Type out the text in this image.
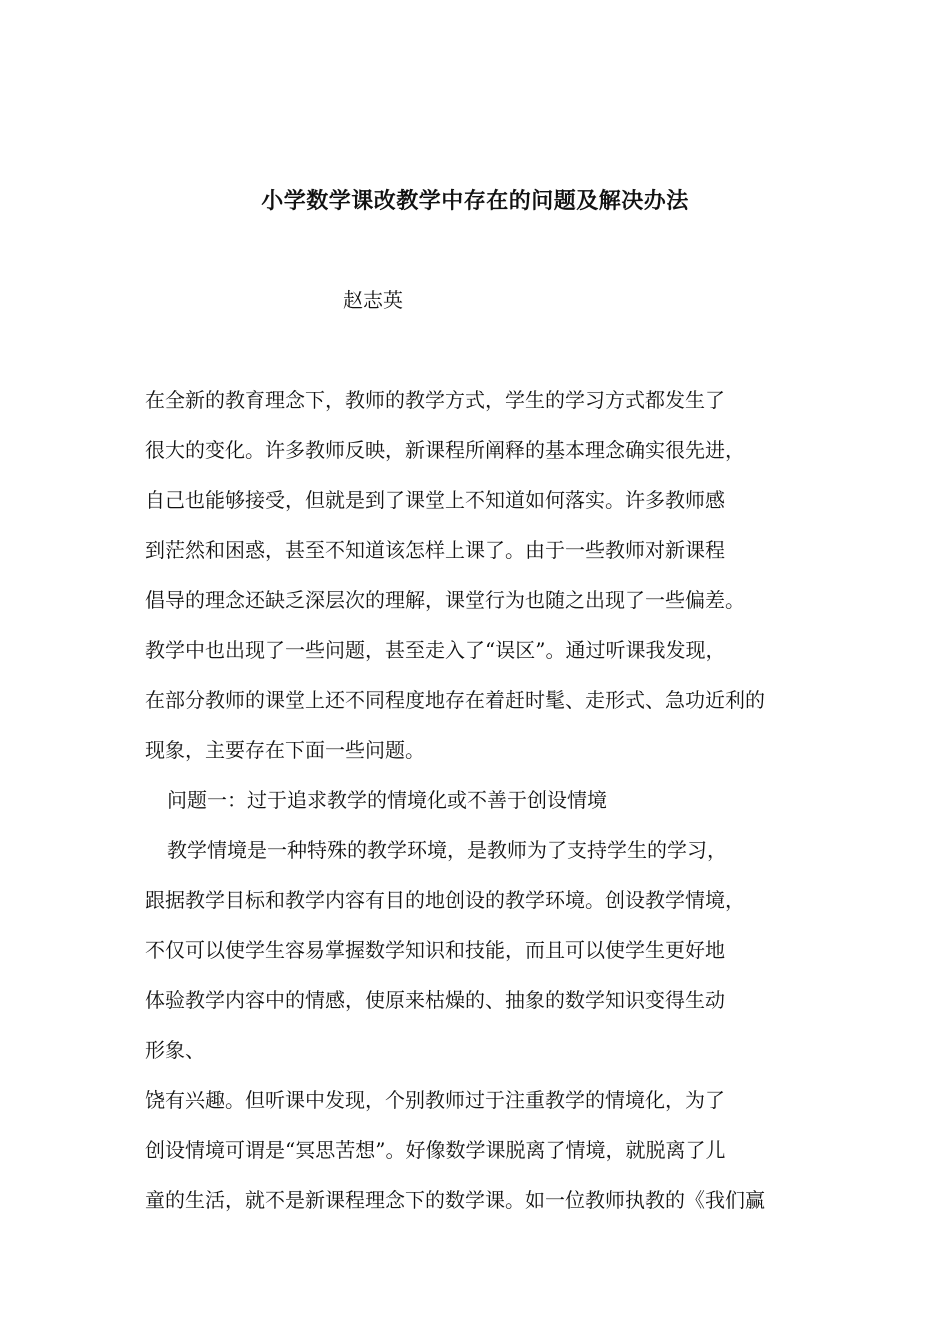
小学数学课改教学中存在的问题及解决办法
赵志英
在全新的教育理念下，教师的教学方式，学生的学习方式都发生了
很大的变化。许多教师反映，新课程所阐释的基本理念确实很先进，
自己也能够接受，但就是到了课堂上不知道如何落实。许多教师感
到茫然和困惑，甚至不知道该怎样上课了。由于一些教师对新课程
倡导的理念还缺乏深层次的理解，课堂行为也随之出现了一些偏差。
教学中也出现了一些问题，甚至走入了“误区”。通过听课我发现，
在部分教师的课堂上还不同程度地存在着赶时髦、走形式、急功近利的
现象，主要存在下面一些问题。
问题一：过于追求教学的情境化或不善于创设情境
教学情境是一种特殊的教学环境，是教师为了支持学生的学习，
跟据教学目标和教学内容有目的地创设的教学环境。创设教学情境，
不仅可以使学生容易掌握数学知识和技能，而且可以使学生更好地
体验教学内容中的情感，使原来枯燥的、抽象的数学知识变得生动
形象、
饶有兴趣。但听课中发现，个别教师过于注重教学的情境化，为了
创设情境可谓是“冥思苦想”。好像数学课脱离了情境，就脱离了儿
童的生活，就不是新课程理念下的数学课。如一位教师执教的《我们赢
